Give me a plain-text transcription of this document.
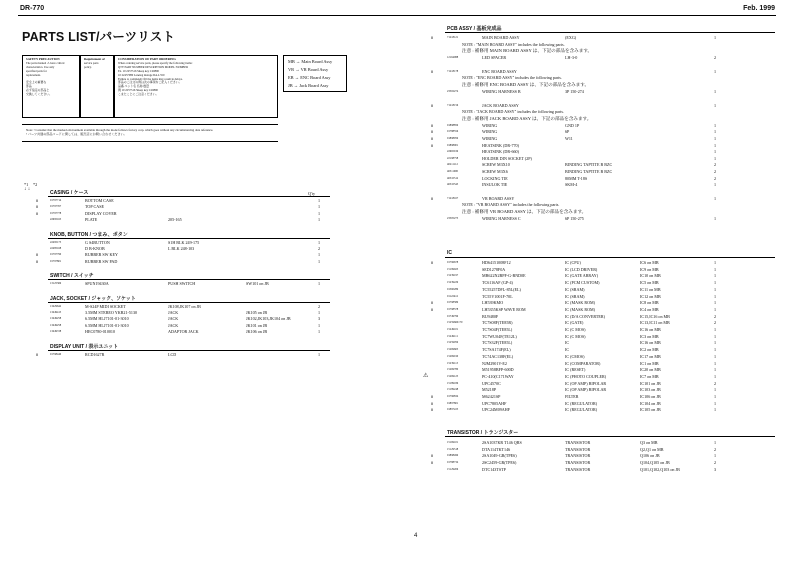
DR-770	Feb. 1999
PARTS LIST/パーツリスト
SAFETY PRECAUTION
The parts marked ⚠ have critical
characteristics. Use only
specified parts for
replacement.
安全上の重要な
部品
必ず指定の部品と
交換してください。
Requirement of
service parts
policy.
CONSIDERATION OF PART ORDERING
When ordering service parts, please specify the following items:
QTY PART NUMBER DESCRIPTION MODEL NUMBER
Ex. 10 2257516 Sheep key C20890
10 22457080 Laneleg mutage DA-L550
Failure to completely fill the items may result in delays.
部品のご注文の際は次の事項をご記入ください。
品番 ペット名 名称 数量
例 10 2257516 Sheep key C20890
こまたことにご注意ください。
MB → Main Board Assy
VR → VR Board Assy
EB → ENC Board Assy
JB → Jack Board Assy
Note: • Consider that the marked environment available through the mode follows factory corp. which goes without any circumstancing data reference.
• パーツ共通の部品コードに関しては、販売店にお問い合わせください。
*1 *2
↓ ↓
Q'ty
CASING / ケース
#	01797714	BOTTOM CASE	1
#	01797767	TOP CASE	1
#	01797778	DISPLAY COVER	1
22695165	PLATE	205-165	1
KNOB, BUTTON / つまみ、ボタン
22495175	G S4BUTTON	S1H BLK 249-175	1
22485168	D B-KNOB	L BLK 248-103	2
#	01797790	RUBBER SW KEY	1
#	01797801	RUBBER SW PAD	1
SWITCH / スイッチ
13125369	SPUN19430A	PUSH SWITCH	SW101 on JB	1
JACK, SOCKET / ジャック、ソケット
13429642	M-S24P MIDI SOCKET	JK108,JK107 on JB	2
13449415	3.5MM STEREO YKB21-5130	JACK	JK105 on JB	1
13449258	6.5MM HLJ7101-01-3010	JACK	JK102,JK103,JK104 on JB	3
13449258	6.5MM HLJ7101-01-3010	JACK	JK101 on JB	1
13449728	HEC0780-010010	ADAPTOR JACK	JK106 on JB	1
DISPLAY UNIT / 表示ユニット
#	01798440	RCD1627R	LCD	1
PCB ASSY / 基板完成品
#	71218121	MAIN BOARD ASSY	(EXG)	1
NOTE : "MAIN BOARD ASSY" includes the following parts.
注意 : 補修用 MAIN BOARD ASSY は、下記の部品を含みます。
12164088	LED SPACER	LH-3-0	2
#	71218178	ENC BOARD ASSY	1
NOTE : "ENC BOARD ASSY" includes the following parts.
注意 : 補修用 ENC BOARD ASSY は、下記の部品を含みます。
23502274	WIRING HARNESS B	3P 150-274	1
#	71218156	JACK BOARD ASSY	1
NOTE : "JACK BOARD ASSY" includes the following parts.
注意 : 補修用 JACK BOARD ASSY は、下記の部品を含みます。
#	01898859	WIRING	GND 1P	1
#	01788556	WIRING	6P	1
#	01898959	WIRING	W11	1
#	01898001	HEATSINK (DR-770)	1
22665919	HEATSINK (DR-660)	1
22198758	HOLDER DIN SOCKET (2P)	1
40211112	SCREW M3X10	BINDING TAPTITE B BZC	2
40311000	SCREW M3X6	BINDING TAPTITE B BZC	2
40310512	LOCKING TIE	80MM T-18S	2
40310545	INSULOK TIE	SKM-4	1
#	71218167	VR BOARD ASSY	1
NOTE : "VR BOARD ASSY" includes the following parts.
注意 : 補修用 VR BOARD ASSY は、下記の部品を含みます。
23505275	WIRING HARNESS C	6P 150-275	1
IC
#	01796678	HD64151008F12	IC (CPU)	IC6 on MB	1
15199923	SED1278F0A	IC (LCD DRIVER)	IC9 on MB	1
15239197	MB622N2BPF-G-BND0E	IC (GATE ARRAY)	IC10 on MB	1
15239229	TC6116AF (GP-4)	IC (PCM CUSTOM)	IC5 on MB	1
01560289	TC55257DFL-85L(EL)	IC (SRAM)	IC11 on MB	1
01122412	TC55V1001F-70L	IC (SRAM)	IC12 on MB	1
#	01798589	LH539KMO	IC (MASK ROM)	IC8 on MB	1
#	01798578	LH5355KSP WAVE ROM	IC (MASK ROM)	IC4 on MB	1
01749799	BU9480F	IC (D/A CONVERTER)	IC15,IC16 on MB	2
15259660170	TC7S08F(TE85R)	IC (GATE)	IC13,IC11 on MB	2
15249101	TC7S04F(TE85L)	IC (C MOS)	IC16 on MB	1
15249111	TC7WU04F(TE12L)	IC (C MOS)	IC3 on MB	1
15259059	TC7S32F(TE85L)	IC	IC16 on MB	1
15269605	TC7SA174F(EL)	IC	IC2 on MB	1
15269010	TC74AC138F(EL)	IC (CMOS)	IC17 on MB	1
15239113	NJM2901V-E2	IC (COMPARATOR)	IC1 on MB	1
15269780	M51958BFP-600D	IC (RESET)	IC20 on MB	1
⚠	15269125	PC-410(C171WAY	IC (PHOTO COUPLER)	IC7 on MB	1
15189186	UPC4570C	IC (OP AMP) BIPOLAR	IC101 on JB	2
15189248	M5218P	IC (OP AMP) BIPOLAR	IC103 on JB	1
#	01796834	M62421SP	FILTER	IC106 on JB	1
#	01897801	UPC7805AHF	IC (REGULATOR)	IC104 on JB	1
#	01897223	UPC24M09AHF	IC (REGULATOR)	IC105 on JB	1
TRANSISTOR / トランジスター
15169101	2SA1037KR T146 QRS	TRANSISTOR	Q3 on MB	1
15129518	DTA114TKT146	TRANSISTOR	Q2,Q1 on MB	2
#	01898499	2SA1049-GR(TPE6)	TRANSISTOR	Q106 on JB	1
#	01788734	2SC2459-GR(TPE6)	TRANSISTOR	Q104,Q105 on JB	2
15129206	DTC143TSTP	TRANSISTOR	Q101,Q102,Q103 on JB	3
4
